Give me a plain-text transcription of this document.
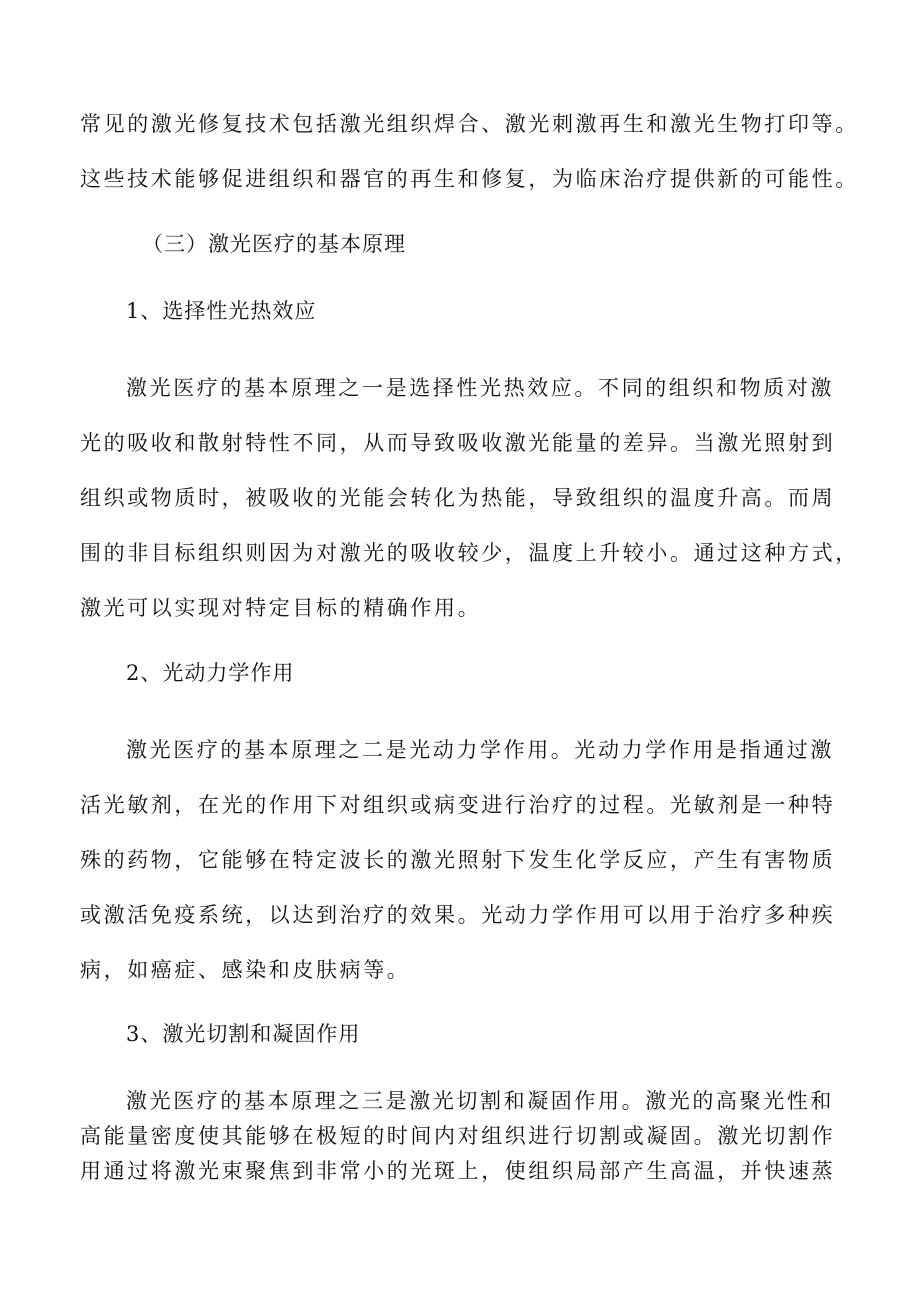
常见的激光修复技术包括激光组织焊合、激光刺激再生和激光生物打印等。
这些技术能够促进组织和器官的再生和修复，为临床治疗提供新的可能性。
（三）激光医疗的基本原理
1、选择性光热效应
激光医疗的基本原理之一是选择性光热效应。不同的组织和物质对激
光的吸收和散射特性不同，从而导致吸收激光能量的差异。当激光照射到
组织或物质时，被吸收的光能会转化为热能，导致组织的温度升高。而周
围的非目标组织则因为对激光的吸收较少，温度上升较小。通过这种方式，
激光可以实现对特定目标的精确作用。
2、光动力学作用
激光医疗的基本原理之二是光动力学作用。光动力学作用是指通过激
活光敏剂，在光的作用下对组织或病变进行治疗的过程。光敏剂是一种特
殊的药物，它能够在特定波长的激光照射下发生化学反应，产生有害物质
或激活免疫系统，以达到治疗的效果。光动力学作用可以用于治疗多种疾
病，如癌症、感染和皮肤病等。
3、激光切割和凝固作用
激光医疗的基本原理之三是激光切割和凝固作用。激光的高聚光性和
高能量密度使其能够在极短的时间内对组织进行切割或凝固。激光切割作
用通过将激光束聚焦到非常小的光斑上，使组织局部产生高温，并快速蒸
